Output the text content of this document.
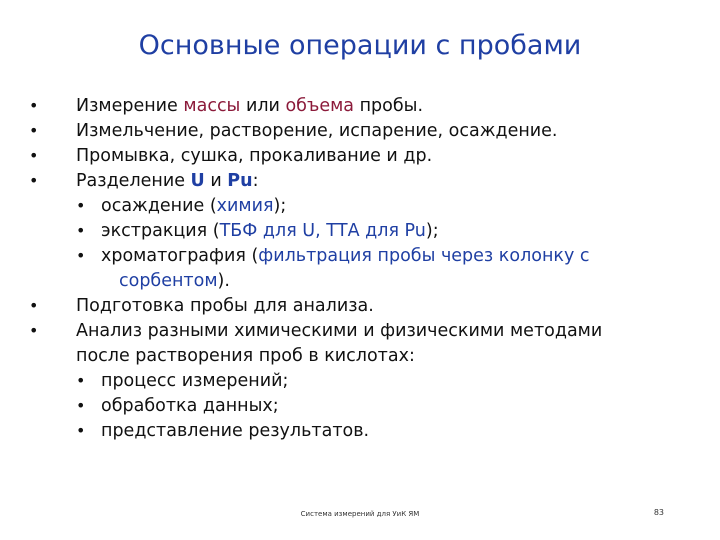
Основные операции с пробами
• Измерение массы или объема пробы.
• Измельчение, растворение, испарение, осаждение.
• Промывка, сушка, прокаливание и др.
• Разделение U и Pu:
• осаждение (химия);
• экстракция (ТБФ для U, ТТА для Pu);
• хроматография (фильтрация пробы через колонку с
сорбентом).
• Подготовка пробы для анализа.
• Анализ разными химическими и физическими методами
после растворения проб в кислотах:
• процесс измерений;
• обработка данных;
• представление результатов.
Система измерений для УиК ЯМ	83
